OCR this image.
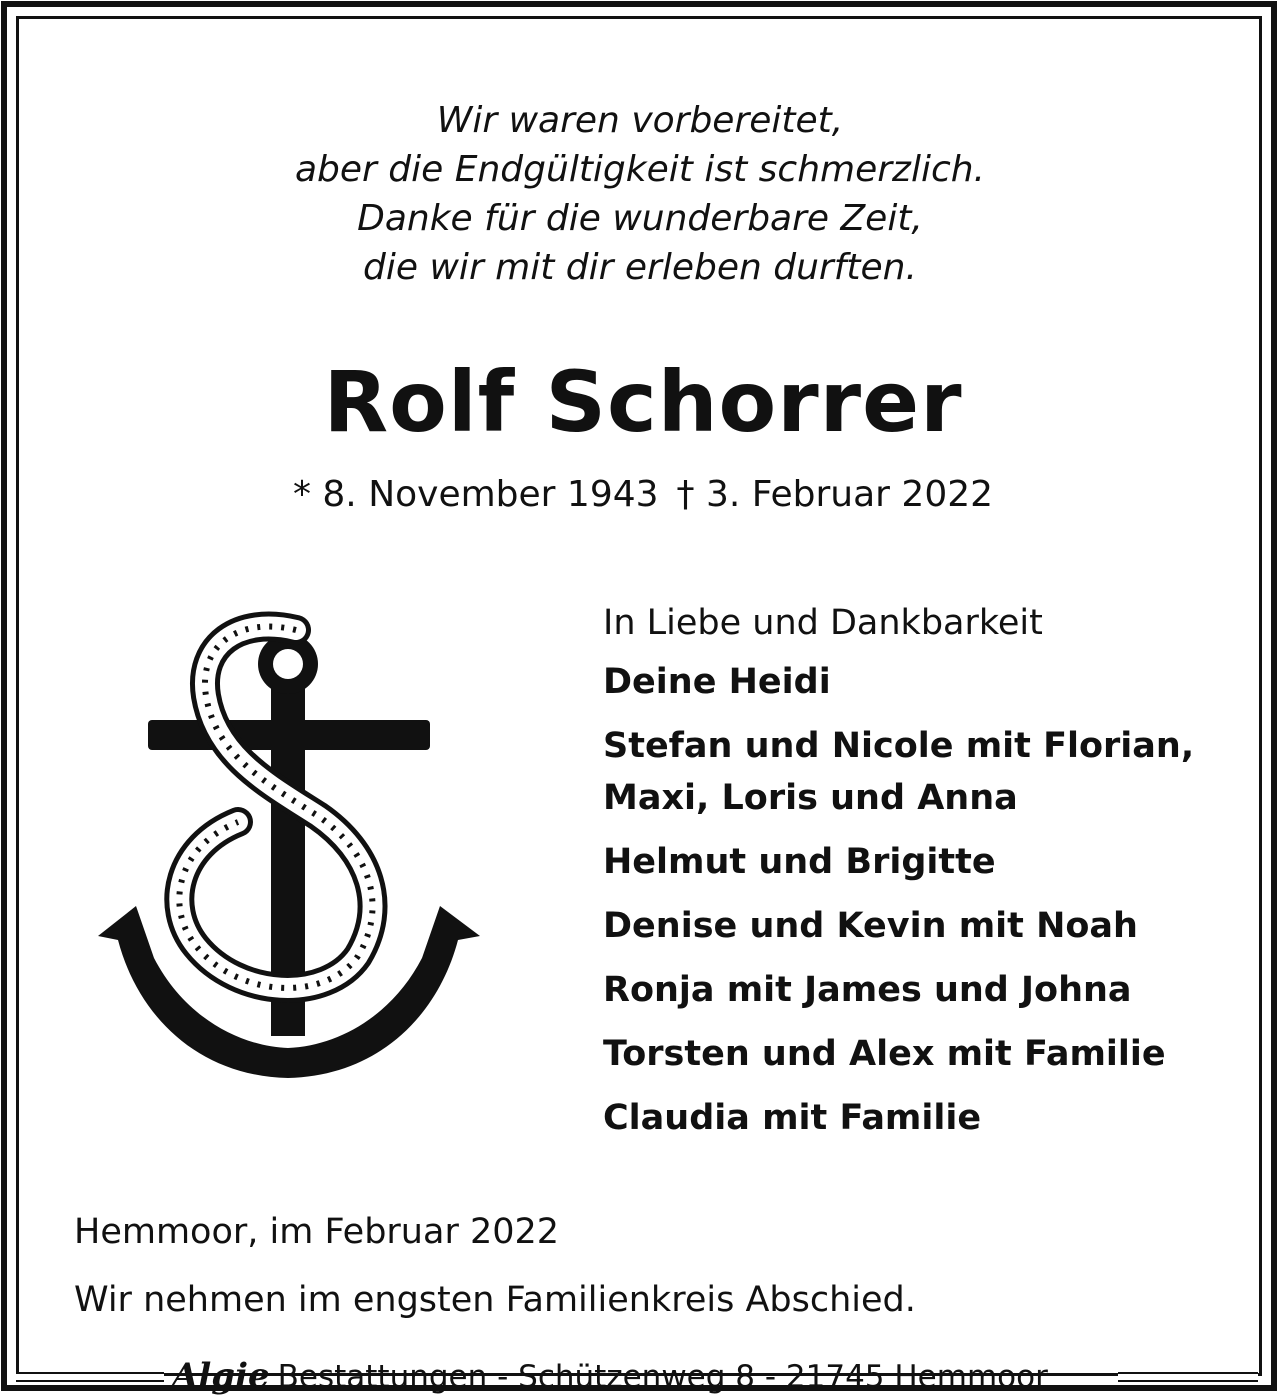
Wir waren vorbereitet,
aber die Endgültigkeit ist schmerzlich.
Danke für die wunderbare Zeit,
die wir mit dir erleben durften.
Rolf Schorrer
* 8. November 1943 † 3. Februar 2022
In Liebe und Dankbarkeit
Deine Heidi
Stefan und Nicole mit Florian,
Maxi, Loris und Anna
Helmut und Brigitte
Denise und Kevin mit Noah
Ronja mit James und Johna
Torsten und Alex mit Familie
Claudia mit Familie
Hemmoor, im Februar 2022
Wir nehmen im engsten Familienkreis Abschied.
Algie Bestattungen - Schützenweg 8 - 21745 Hemmoor
